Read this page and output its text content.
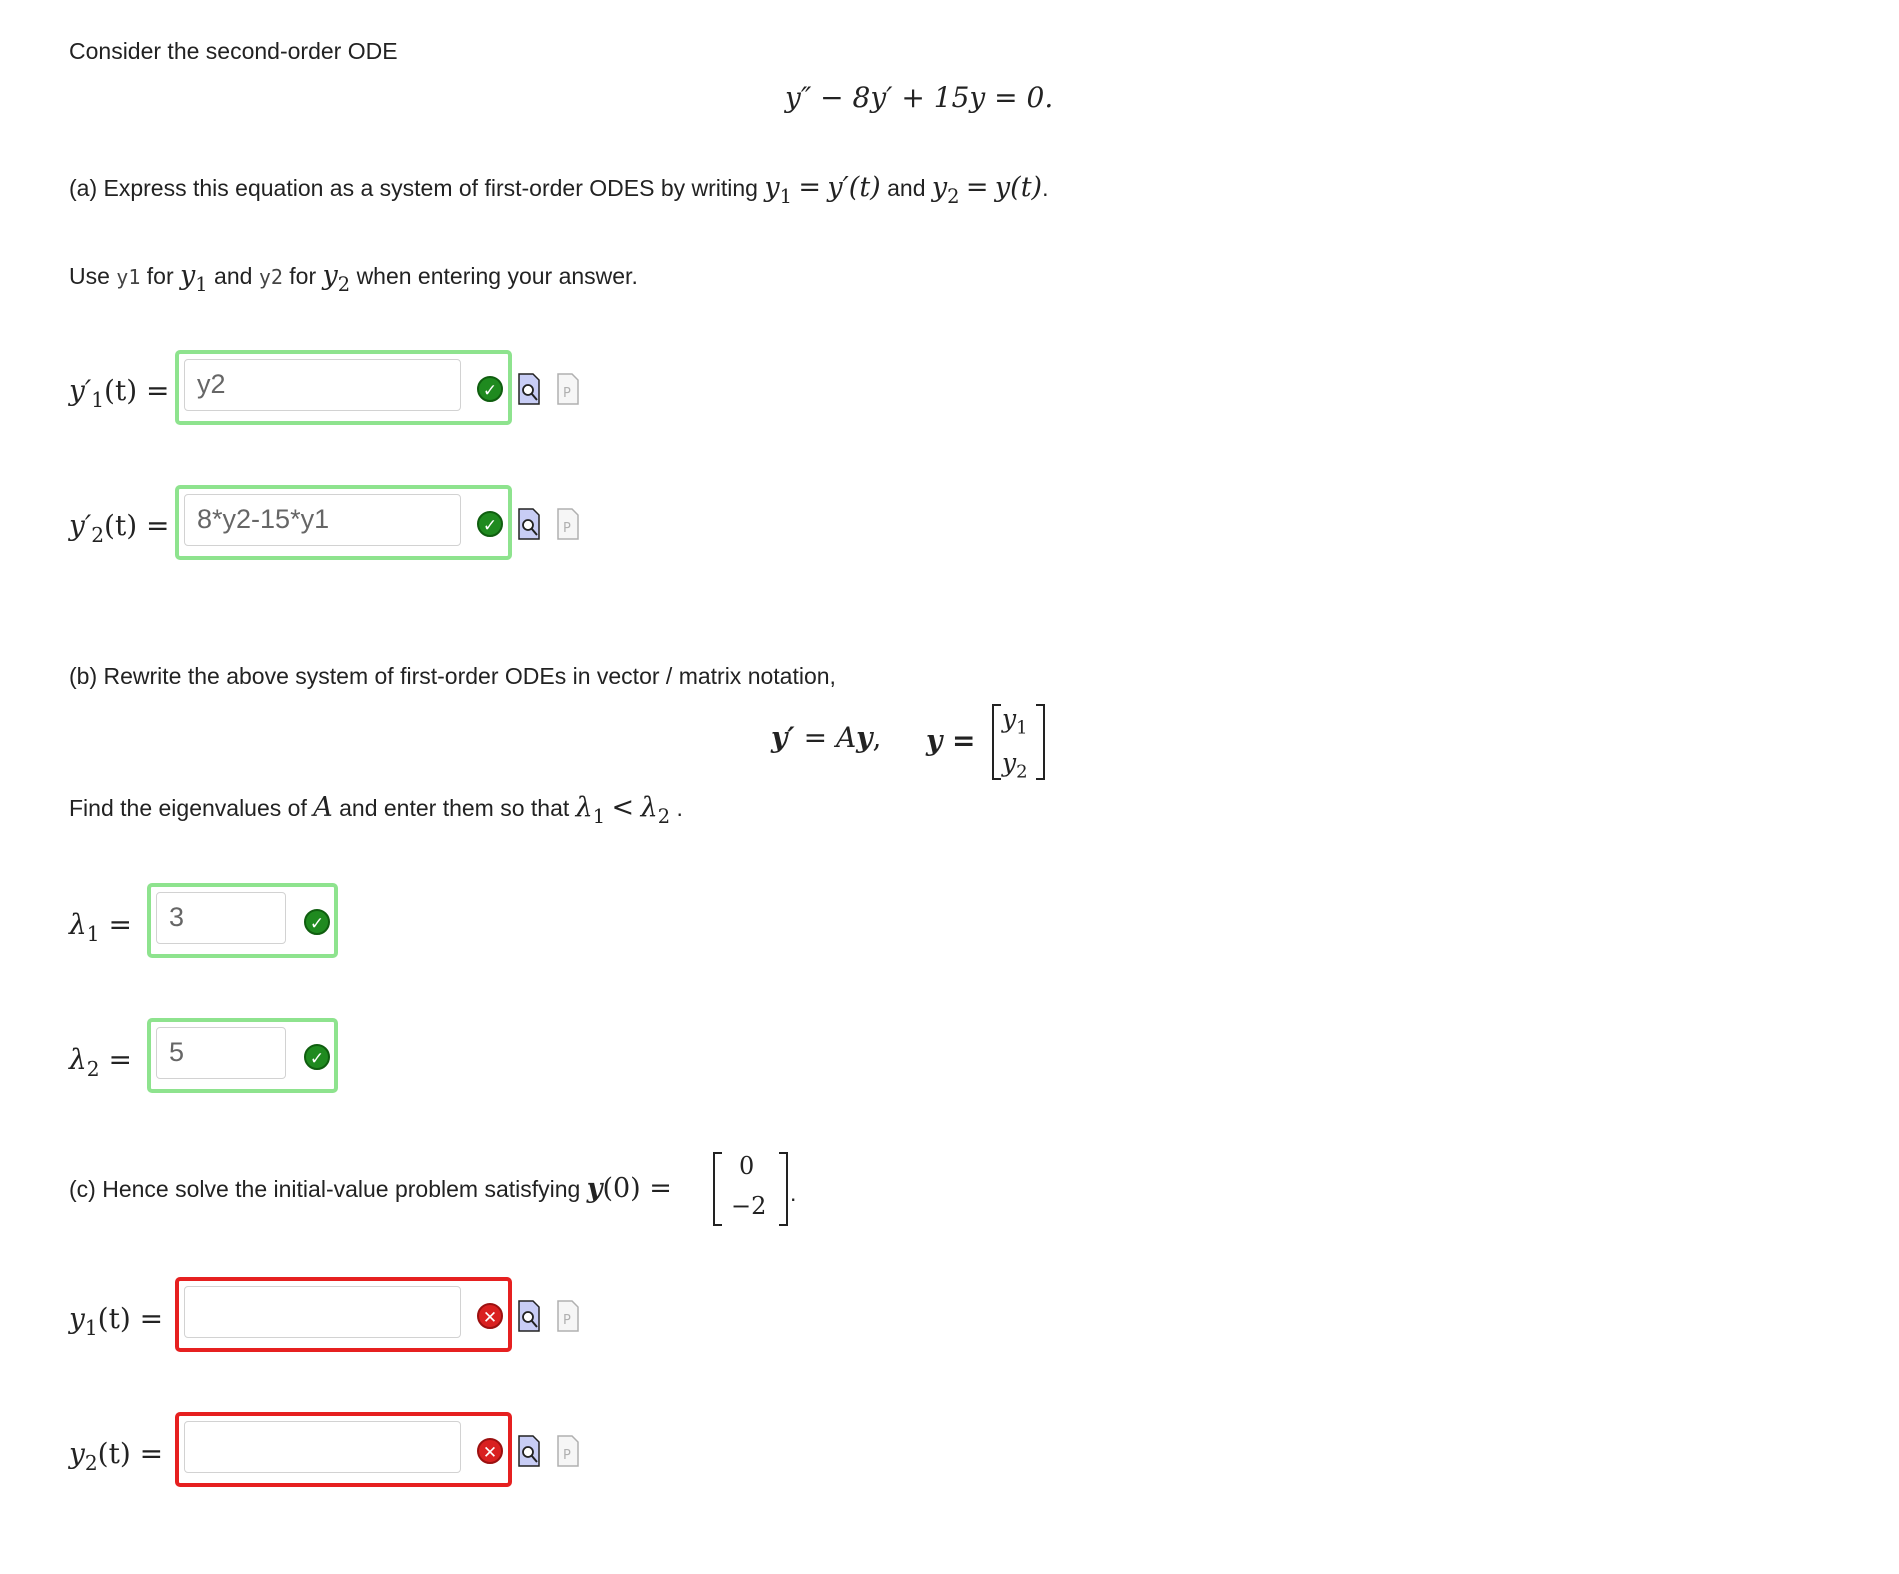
Consider the second-order ODE
y″ − 8y′ + 15y = 0.
(a) Express this equation as a system of first-order ODES by writing $y_1 = y'(t)$ and $y_2 = y(t)$.
Use y1 for $y_1$ and y2 for $y_2$ when entering your answer.
$y'_1(t)$ =	y2	✓	P
$y'_2(t)$ =	8*y2-15*y1	✓	P
(b) Rewrite the above system of first-order ODEs in vector / matrix notation,
y′ = Ay, y =
$y_1$
$y_2$
Find the eigenvalues of A and enter them so that $\lambda_1 < \lambda_2$ .
$\lambda_1$ =	3	✓
$\lambda_2$ =	5	✓
(c) Hence solve the initial-value problem satisfying y(0) =
0
−2 .
$y_1(t)$ =	✕	P
$y_2(t)$ =	✕	P
